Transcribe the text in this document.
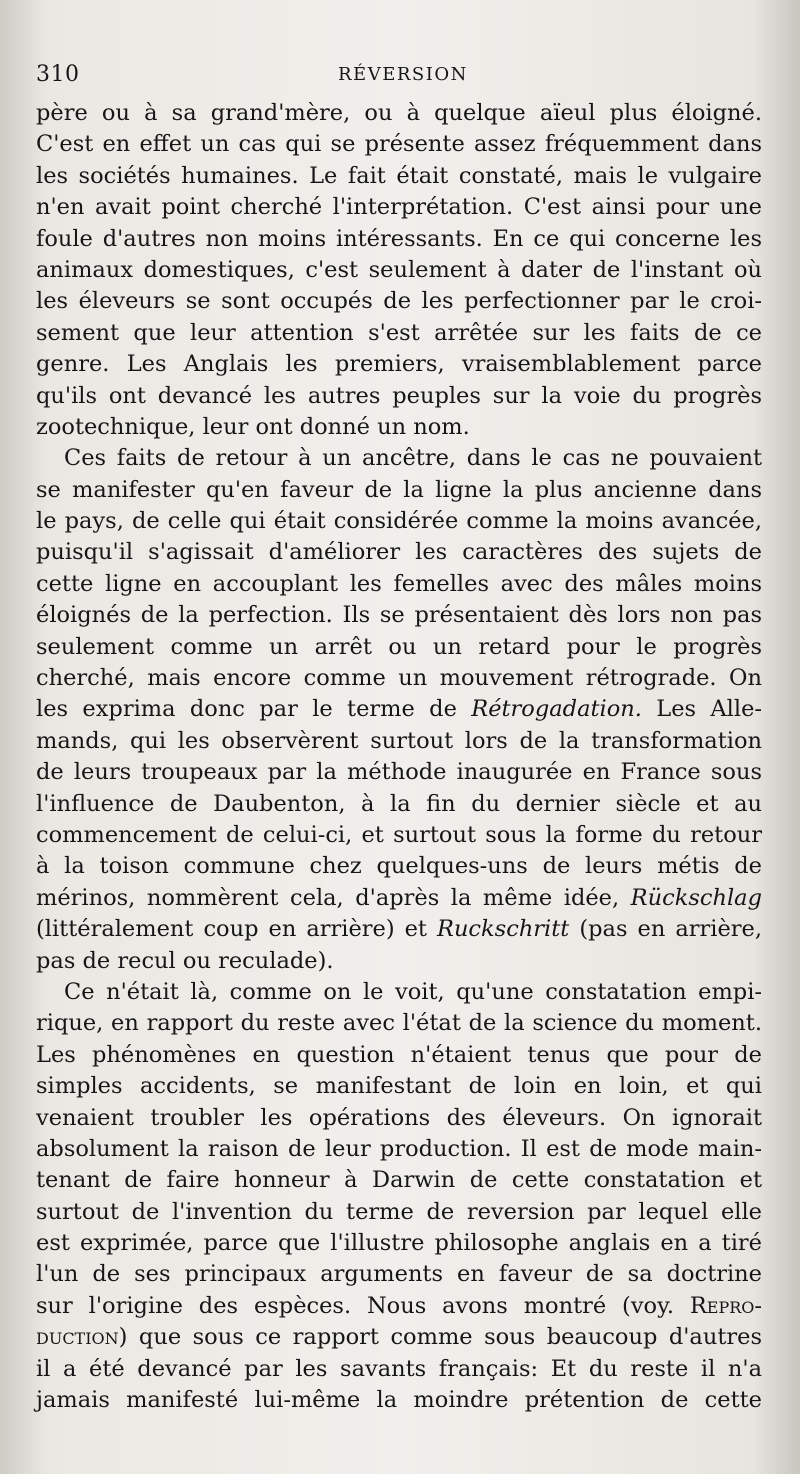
310	RÉVERSION
père ou à sa grand'mère, ou à quelque aïeul plus éloigné.
C'est en effet un cas qui se présente assez fréquemment dans
les sociétés humaines. Le fait était constaté, mais le vulgaire
n'en avait point cherché l'interprétation. C'est ainsi pour une
foule d'autres non moins intéressants. En ce qui concerne les
animaux domestiques, c'est seulement à dater de l'instant où
les éleveurs se sont occupés de les perfectionner par le croi-
sement que leur attention s'est arrêtée sur les faits de ce
genre. Les Anglais les premiers, vraisemblablement parce
qu'ils ont devancé les autres peuples sur la voie du progrès
zootechnique, leur ont donné un nom.
Ces faits de retour à un ancêtre, dans le cas ne pouvaient
se manifester qu'en faveur de la ligne la plus ancienne dans
le pays, de celle qui était considérée comme la moins avancée,
puisqu'il s'agissait d'améliorer les caractères des sujets de
cette ligne en accouplant les femelles avec des mâles moins
éloignés de la perfection. Ils se présentaient dès lors non pas
seulement comme un arrêt ou un retard pour le progrès
cherché, mais encore comme un mouvement rétrograde. On
les exprima donc par le terme de Rétrogadation. Les Alle-
mands, qui les observèrent surtout lors de la transformation
de leurs troupeaux par la méthode inaugurée en France sous
l'influence de Daubenton, à la fin du dernier siècle et au
commencement de celui-ci, et surtout sous la forme du retour
à la toison commune chez quelques-uns de leurs métis de
mérinos, nommèrent cela, d'après la même idée, Rückschlag
(littéralement coup en arrière) et Ruckschritt (pas en arrière,
pas de recul ou reculade).
Ce n'était là, comme on le voit, qu'une constatation empi-
rique, en rapport du reste avec l'état de la science du moment.
Les phénomènes en question n'étaient tenus que pour de
simples accidents, se manifestant de loin en loin, et qui
venaient troubler les opérations des éleveurs. On ignorait
absolument la raison de leur production. Il est de mode main-
tenant de faire honneur à Darwin de cette constatation et
surtout de l'invention du terme de reversion par lequel elle
est exprimée, parce que l'illustre philosophe anglais en a tiré
l'un de ses principaux arguments en faveur de sa doctrine
sur l'origine des espèces. Nous avons montré (voy. Repro-
duction) que sous ce rapport comme sous beaucoup d'autres
il a été devancé par les savants français: Et du reste il n'a
jamais manifesté lui-même la moindre prétention de cette
